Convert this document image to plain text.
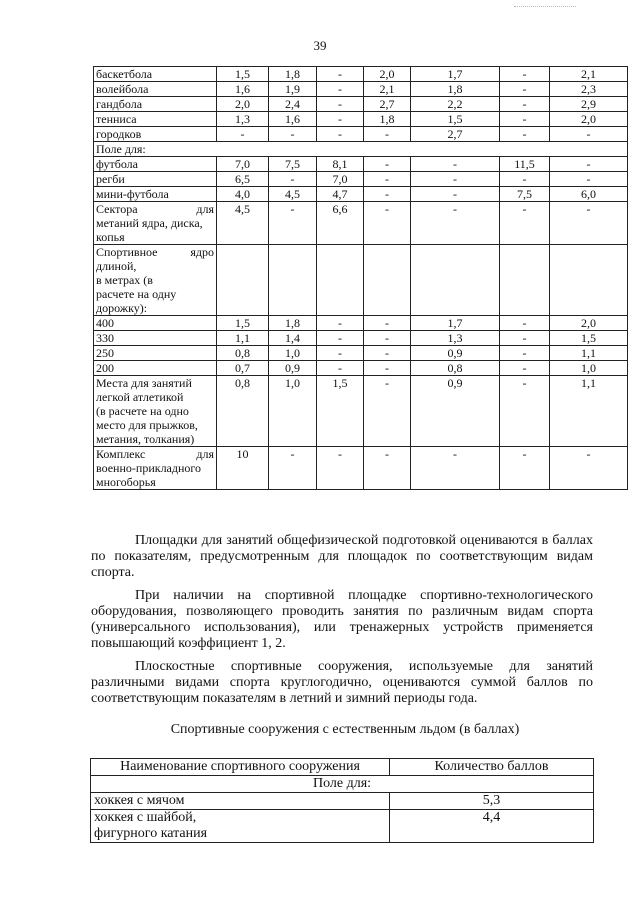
39
баскетбола	1,5	1,8	-	2,0	1,7	-	2,1
волейбола	1,6	1,9	-	2,1	1,8	-	2,3
гандбола	2,0	2,4	-	2,7	2,2	-	2,9
тенниса	1,3	1,6	-	1,8	1,5	-	2,0
городков	-	-	-	-	2,7	-	-
Поле для:							
футбола	7,0	7,5	8,1	-	-	11,5	-
регби	6,5	-	7,0	-	-	-	-
мини-футбола	4,0	4,5	4,7	-	-	7,5	6,0

Сектора для
метаний ядра, диска,
копья	4,5	-	6,6	-	-	-	-

Спортивное ядро
длиной,
в метрах (в
расчете на одну
дорожку):							

400	1,5	1,8	-	-	1,7	-	2,0
330	1,1	1,4	-	-	1,3	-	1,5
250	0,8	1,0	-	-	0,9	-	1,1
200	0,7	0,9	-	-	0,8	-	1,0

Места для занятий
легкой атлетикой
(в расчете на одно
место для прыжков,
метания, толкания)	0,8	1,0	1,5	-	0,9	-	1,1

Комплекс для
военно-прикладного
многоборья	10	-	-	-	-	-	-

Площадки для занятий общефизической подготовкой оцениваются в баллах по показателям, предусмотренным для площадок по соответствующим видам спорта.

При наличии на спортивной площадке спортивно-технологического оборудования, позволяющего проводить занятия по различным видам спорта (универсального использования), или тренажерных устройств применяется повышающий коэффициент 1, 2.

Плоскостные спортивные сооружения, используемые для занятий различными видами спорта круглогодично, оцениваются суммой баллов по соответствующим показателям в летний и зимний периоды года.

Спортивные сооружения с естественным льдом (в баллах)
Наименование спортивного сооружения	Количество баллов
Поле для:	

хоккея с мячом	5,3

хоккея с шайбой,
фигурного катания	4,4
